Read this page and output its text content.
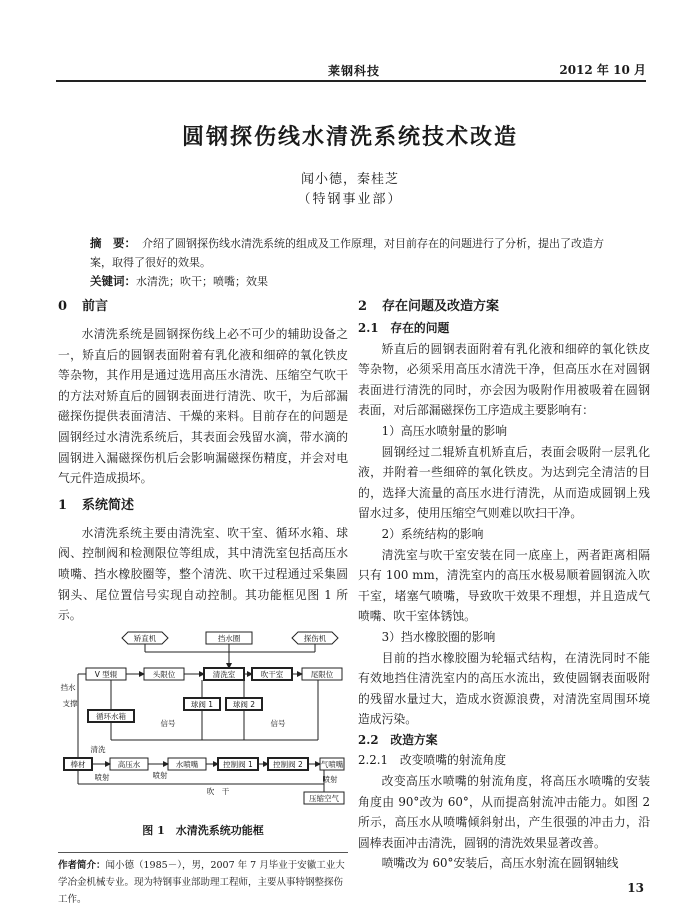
莱钢科技	2012 年 10 月
圆钢探伤线水清洗系统技术改造
闻小德，秦桂芝
（特钢事业部）
摘　要： 介绍了圆钢探伤线水清洗系统的组成及工作原理，对目前存在的问题进行了分析，提出了改造方案，取得了很好的效果。
关键词：水清洗；吹干；喷嘴；效果
0 前言

水清洗系统是圆钢探伤线上必不可少的辅助设备之一，矫直后的圆钢表面附着有乳化液和细碎的氧化铁皮等杂物，其作用是通过选用高压水清洗、压缩空气吹干的方法对矫直后的圆钢表面进行清洗、吹干，为后部漏磁探伤提供表面清洁、干燥的来料。目前存在的问题是圆钢经过水清洗系统后，其表面会残留水滴，带水滴的圆钢进入漏磁探伤机后会影响漏磁探伤精度，并会对电气元件造成损坏。

1 系统简述

水清洗系统主要由清洗室、吹干室、循环水箱、球阀、控制阀和检测限位等组成，其中清洗室包括高压水喷嘴、挡水橡胶圈等，整个清洗、吹干过程通过采集圆钢头、尾位置信号实现自动控制。其功能框见图 1 所示。

矫直机	挡水圈	探伤机
V 型辊	头限位	清洗室	吹干室	尾限位
挡水
支撑
循环水箱
信号
球阀 1	球阀 2
信号
清洗
棒材	高压水	水喷嘴	控制阀 1	控制阀 2 气喷嘴
喷射	喷射
吹　干
喷射
压缩空气
图 1　水清洗系统功能框
作者简介：闻小德（1985－），男，2007 年 7 月毕业于安徽工业大学冶金机械专业。现为特钢事业部助理工程师，主要从事特钢整探伤工作。
2 存在问题及改造方案
2.1　存在的问题

矫直后的圆钢表面附着有乳化液和细碎的氧化铁皮等杂物，必须采用高压水清洗干净，但高压水在对圆钢表面进行清洗的同时，亦会因为吸附作用被吸着在圆钢表面，对后部漏磁探伤工序造成主要影响有：

1）高压水喷射量的影响

圆钢经过二辊矫直机矫直后，表面会吸附一层乳化液，并附着一些细碎的氧化铁皮。为达到完全清洁的目的，选择大流量的高压水进行清洗，从而造成圆钢上残留水过多，使用压缩空气则难以吹扫干净。

2）系统结构的影响

清洗室与吹干室安装在同一底座上，两者距离相隔只有 100 mm，清洗室内的高压水极易顺着圆钢流入吹干室，堵塞气喷嘴，导致吹干效果不理想，并且造成气喷嘴、吹干室体锈蚀。

3）挡水橡胶圈的影响

目前的挡水橡胶圈为轮辐式结构，在清洗同时不能有效地挡住清洗室内的高压水流出，致使圆钢表面吸附的残留水量过大，造成水资源浪费，对清洗室周围环境造成污染。

2.2　改造方案

2.2.1　改变喷嘴的射流角度

改变高压水喷嘴的射流角度，将高压水喷嘴的安装角度由 90°改为 60°，从而提高射流冲击能力。如图 2 所示，高压水从喷嘴倾斜射出，产生很强的冲击力，沿圆棒表面冲击清洗，圆钢的清洗效果显著改善。

喷嘴改为 60°安装后，高压水射流在圆钢轴线

13
